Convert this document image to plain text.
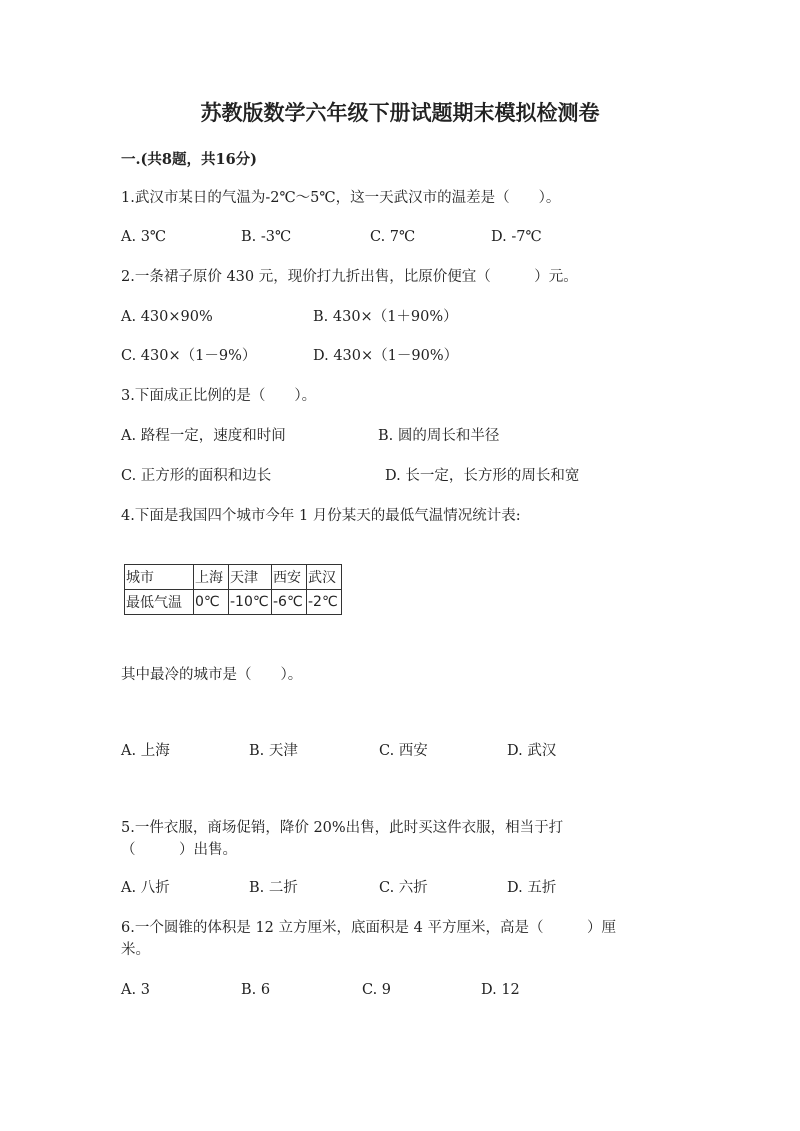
苏教版数学六年级下册试题期末模拟检测卷
一.(共8题，共16分)
1.武汉市某日的气温为-2℃～5℃，这一天武汉市的温差是（　　）。
A. 3℃	B. -3℃	C. 7℃	D. -7℃
2.一条裙子原价 430 元，现价打九折出售，比原价便宜（　　　）元。
A. 430×90%	B. 430×（1＋90%）
C. 430×（1－9%）	D. 430×（1－90%）
3.下面成正比例的是（　　）。
A. 路程一定，速度和时间	B. 圆的周长和半径
C. 正方形的面积和边长	D. 长一定，长方形的周长和宽
4.下面是我国四个城市今年 1 月份某天的最低气温情况统计表:
城市	上海	天津	西安	武汉
最低气温	0℃	-10℃	-6℃	-2℃
其中最冷的城市是（　　）。
A. 上海	B. 天津	C. 西安	D. 武汉
5.一件衣服，商场促销，降价 20%出售，此时买这件衣服，相当于打
（　　　）出售。
A. 八折	B. 二折	C. 六折	D. 五折
6.一个圆锥的体积是 12 立方厘米，底面积是 4 平方厘米，高是（　　　）厘
米。
A. 3	B. 6	C. 9	D. 12
